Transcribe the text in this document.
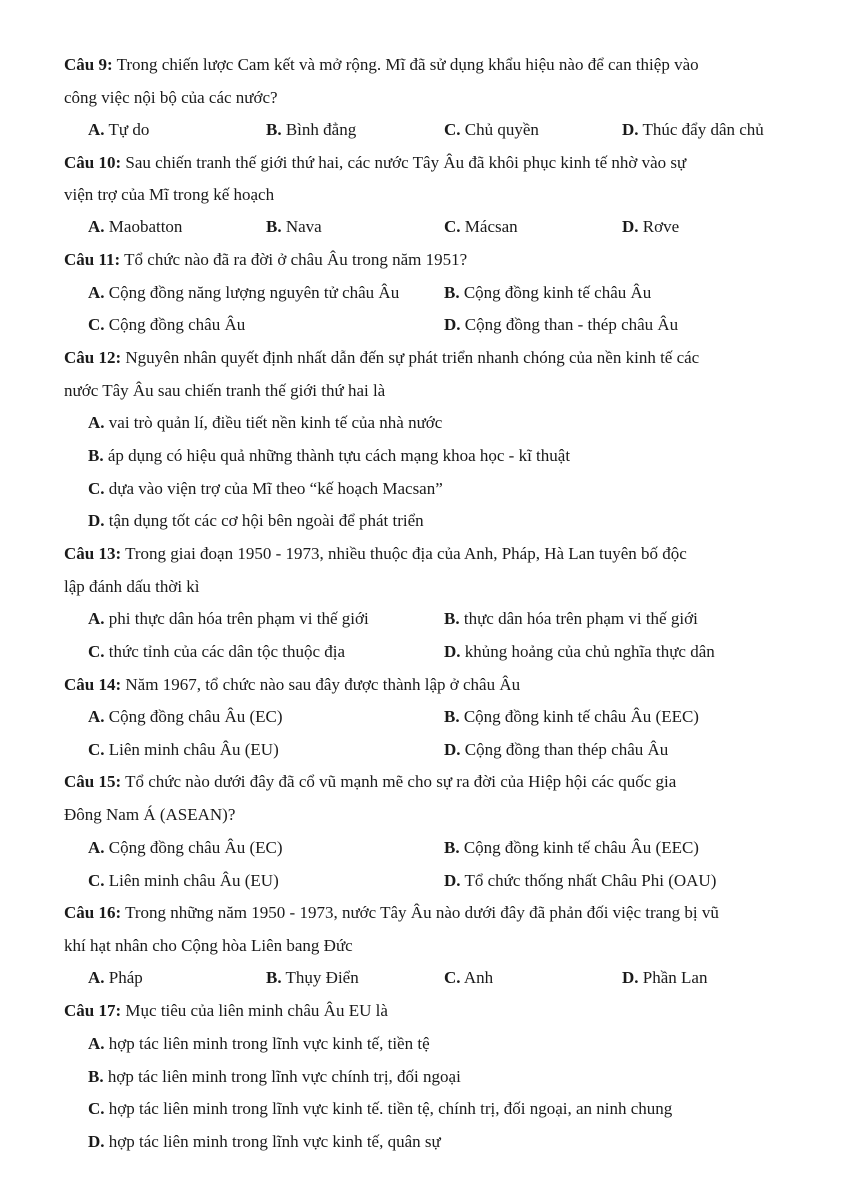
Câu 9: Trong chiến lược Cam kết và mở rộng. Mĩ đã sử dụng khẩu hiệu nào để can thiệp vào
công việc nội bộ của các nước?
A. Tự do	B. Bình đẳng	C. Chủ quyền	D. Thúc đẩy dân chủ
Câu 10: Sau chiến tranh thế giới thứ hai, các nước Tây Âu đã khôi phục kinh tế nhờ vào sự
viện trợ của Mĩ trong kế hoạch
A. Maobatton	B. Nava	C. Mácsan	D. Rơve
Câu 11: Tổ chức nào đã ra đời ở châu Âu trong năm 1951?
A. Cộng đồng năng lượng nguyên tử châu Âu	B. Cộng đồng kinh tế châu Âu
C. Cộng đồng châu Âu	D. Cộng đồng than - thép châu Âu
Câu 12: Nguyên nhân quyết định nhất dẫn đến sự phát triển nhanh chóng của nền kinh tế các
nước Tây Âu sau chiến tranh thế giới thứ hai là
A. vai trò quản lí, điều tiết nền kinh tế của nhà nước
B. áp dụng có hiệu quả những thành tựu cách mạng khoa học - kĩ thuật
C. dựa vào viện trợ của Mĩ theo “kế hoạch Macsan”
D. tận dụng tốt các cơ hội bên ngoài để phát triển
Câu 13: Trong giai đoạn 1950 - 1973, nhiều thuộc địa của Anh, Pháp, Hà Lan tuyên bố độc
lập đánh dấu thời kì
A. phi thực dân hóa trên phạm vi thế giới	B. thực dân hóa trên phạm vi thế giới
C. thức tỉnh của các dân tộc thuộc địa	D. khủng hoảng của chủ nghĩa thực dân
Câu 14: Năm 1967, tổ chức nào sau đây được thành lập ở châu Âu
A. Cộng đồng châu Âu (EC)	B. Cộng đồng kinh tế châu Âu (EEC)
C. Liên minh châu Âu (EU)	D. Cộng đồng than thép châu Âu
Câu 15: Tổ chức nào dưới đây đã cổ vũ mạnh mẽ cho sự ra đời của Hiệp hội các quốc gia
Đông Nam Á (ASEAN)?
A. Cộng đồng châu Âu (EC)	B. Cộng đồng kinh tế châu Âu (EEC)
C. Liên minh châu Âu (EU)	D. Tổ chức thống nhất Châu Phi (OAU)
Câu 16: Trong những năm 1950 - 1973, nước Tây Âu nào dưới đây đã phản đối việc trang bị vũ
khí hạt nhân cho Cộng hòa Liên bang Đức
A. Pháp	B. Thụy Điển	C. Anh	D. Phần Lan
Câu 17: Mục tiêu của liên minh châu Âu EU là
A. hợp tác liên minh trong lĩnh vực kinh tế, tiền tệ
B. hợp tác liên minh trong lĩnh vực chính trị, đối ngoại
C. hợp tác liên minh trong lĩnh vực kinh tế. tiền tệ, chính trị, đối ngoại, an ninh chung
D. hợp tác liên minh trong lĩnh vực kinh tế, quân sự
